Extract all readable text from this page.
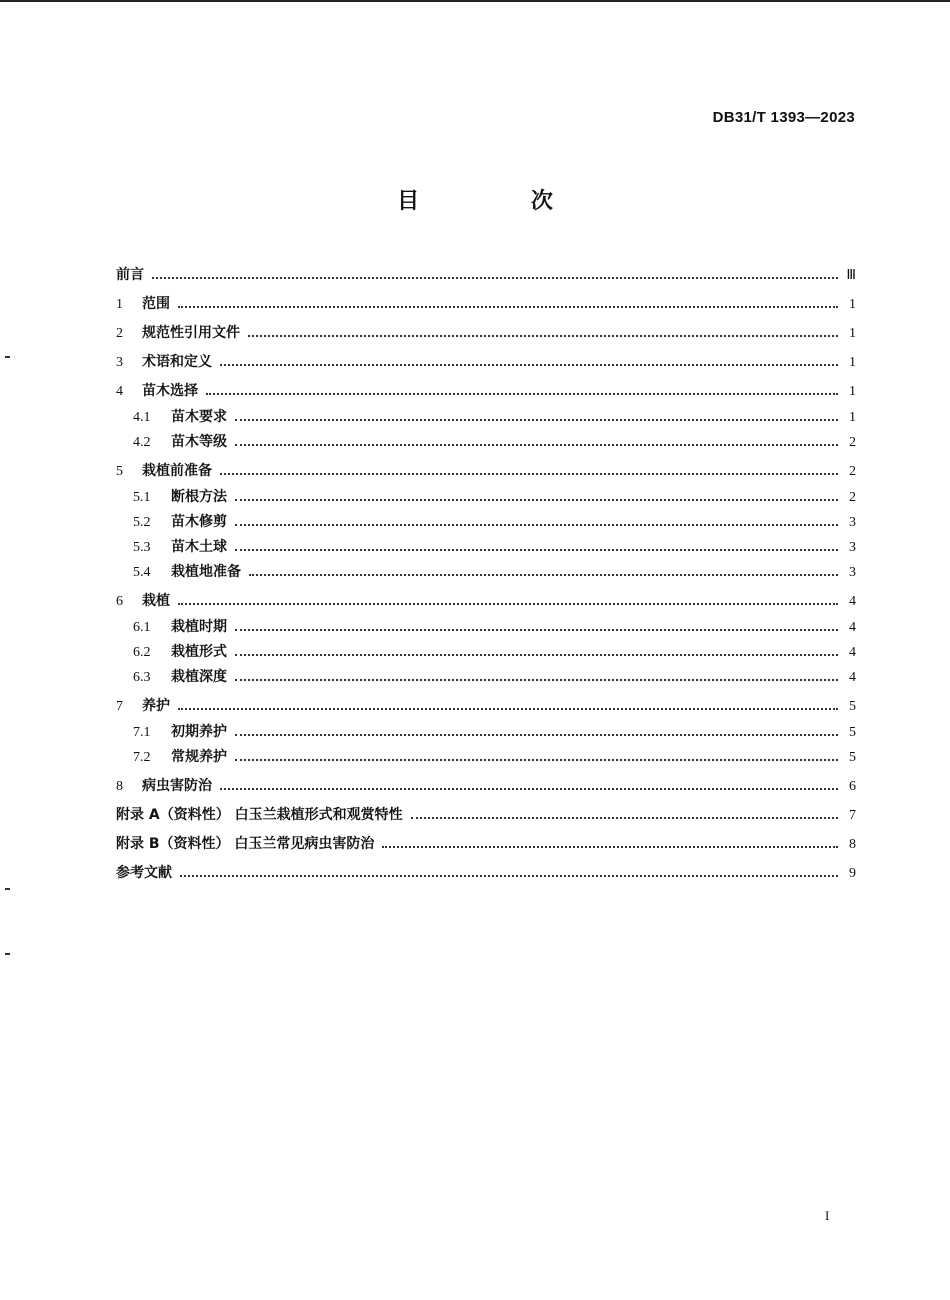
DB31/T 1393—2023
目 次
前言	Ⅲ
1	范围	1
2	规范性引用文件	1
3	术语和定义	1
4	苗木选择	1
4.1	苗木要求	1
4.2	苗木等级	2
5	栽植前准备	2
5.1	断根方法	2
5.2	苗木修剪	3
5.3	苗木土球	3
5.4	栽植地准备	3
6	栽植	4
6.1	栽植时期	4
6.2	栽植形式	4
6.3	栽植深度	4
7	养护	5
7.1	初期养护	5
7.2	常规养护	5
8	病虫害防治	6
附录 A（资料性） 白玉兰栽植形式和观赏特性	7
附录 B（资料性） 白玉兰常见病虫害防治	8
参考文献	9
I
